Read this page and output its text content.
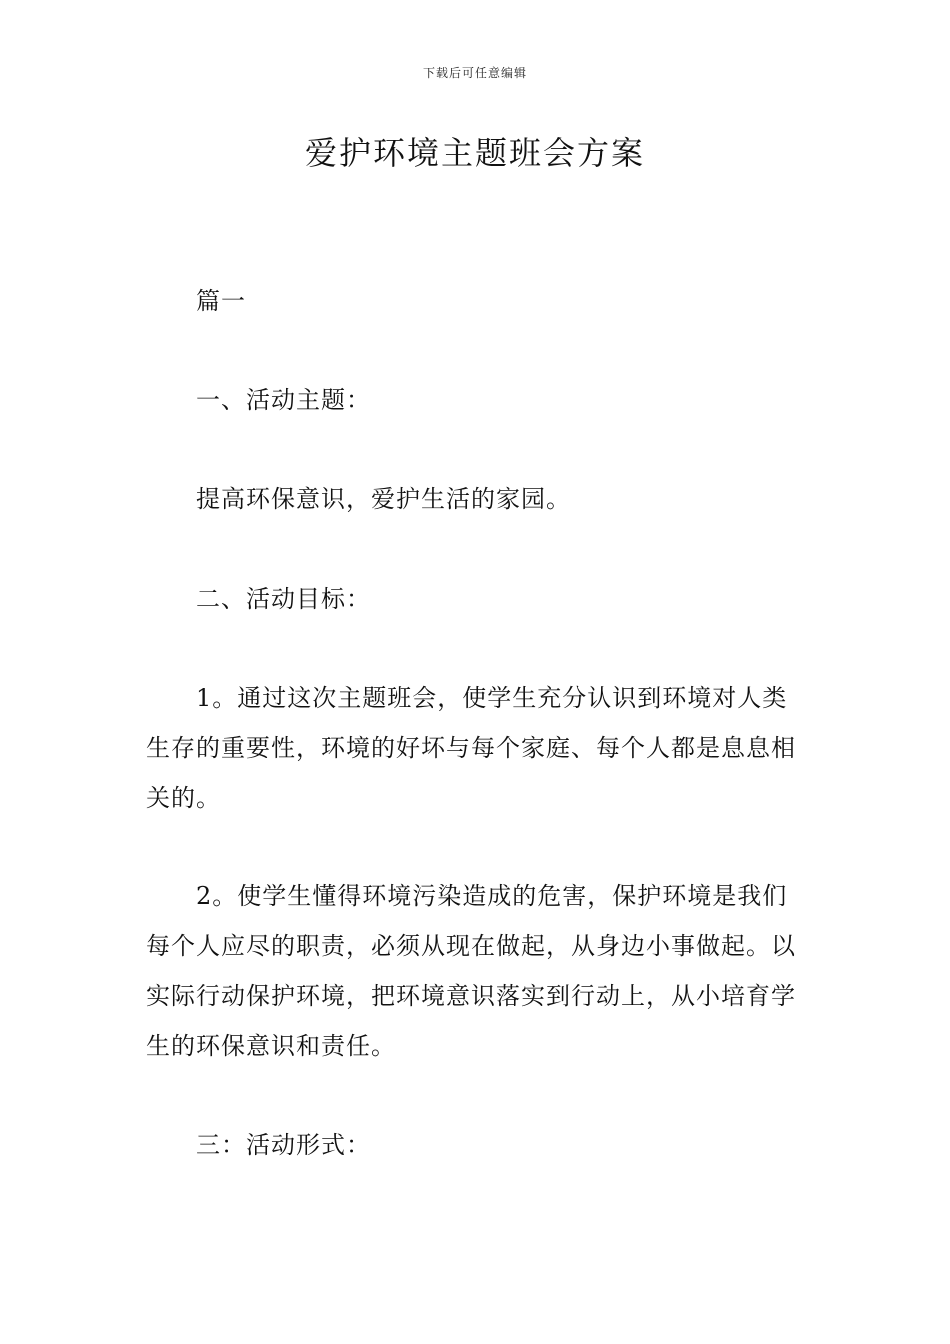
下载后可任意编辑
爱护环境主题班会方案

篇一

一、活动主题：

提高环保意识，爱护生活的家园。

二、活动目标：

1。通过这次主题班会，使学生充分认识到环境对人类生存的重要性，环境的好坏与每个家庭、每个人都是息息相关的。

2。使学生懂得环境污染造成的危害，保护环境是我们每个人应尽的职责，必须从现在做起，从身边小事做起。以实际行动保护环境，把环境意识落实到行动上，从小培育学生的环保意识和责任。

三：活动形式：
